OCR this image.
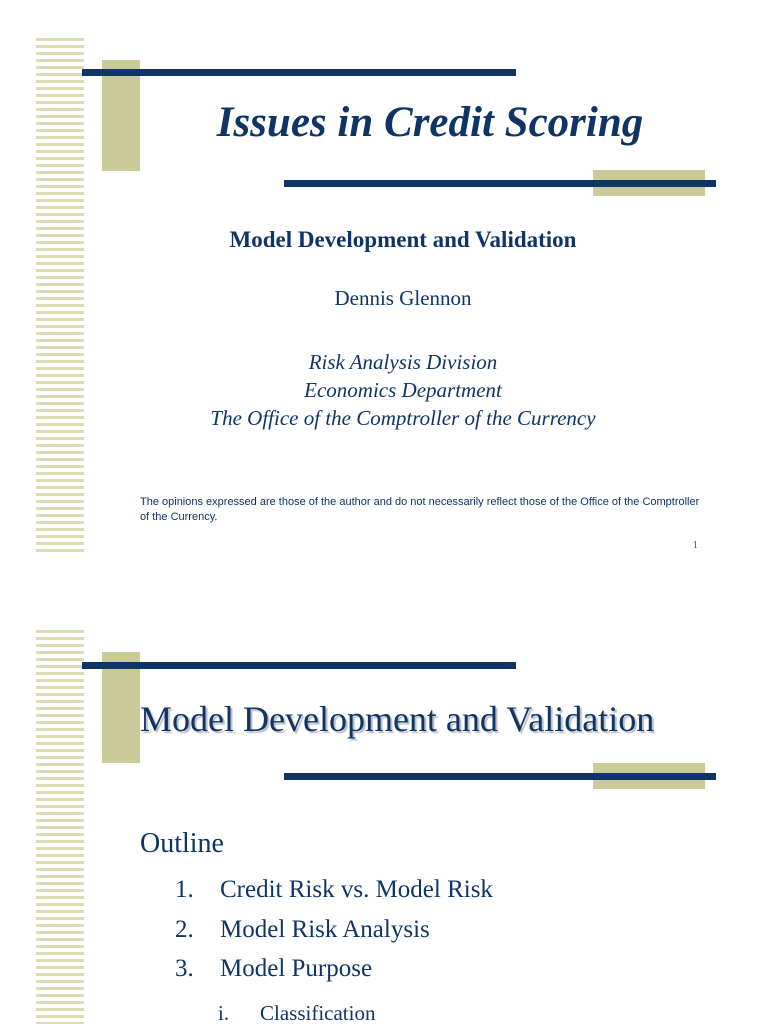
Issues in Credit Scoring
Model Development and Validation
Dennis Glennon
Risk Analysis Division
Economics Department
The Office of the Comptroller of the Currency
The opinions expressed are those of the author and do not necessarily reflect those of the Office of the Comptroller of the Currency.
1
Model Development and Validation
Outline
1. Credit Risk vs. Model Risk
2. Model Risk Analysis
3. Model Purpose
i. Classification
